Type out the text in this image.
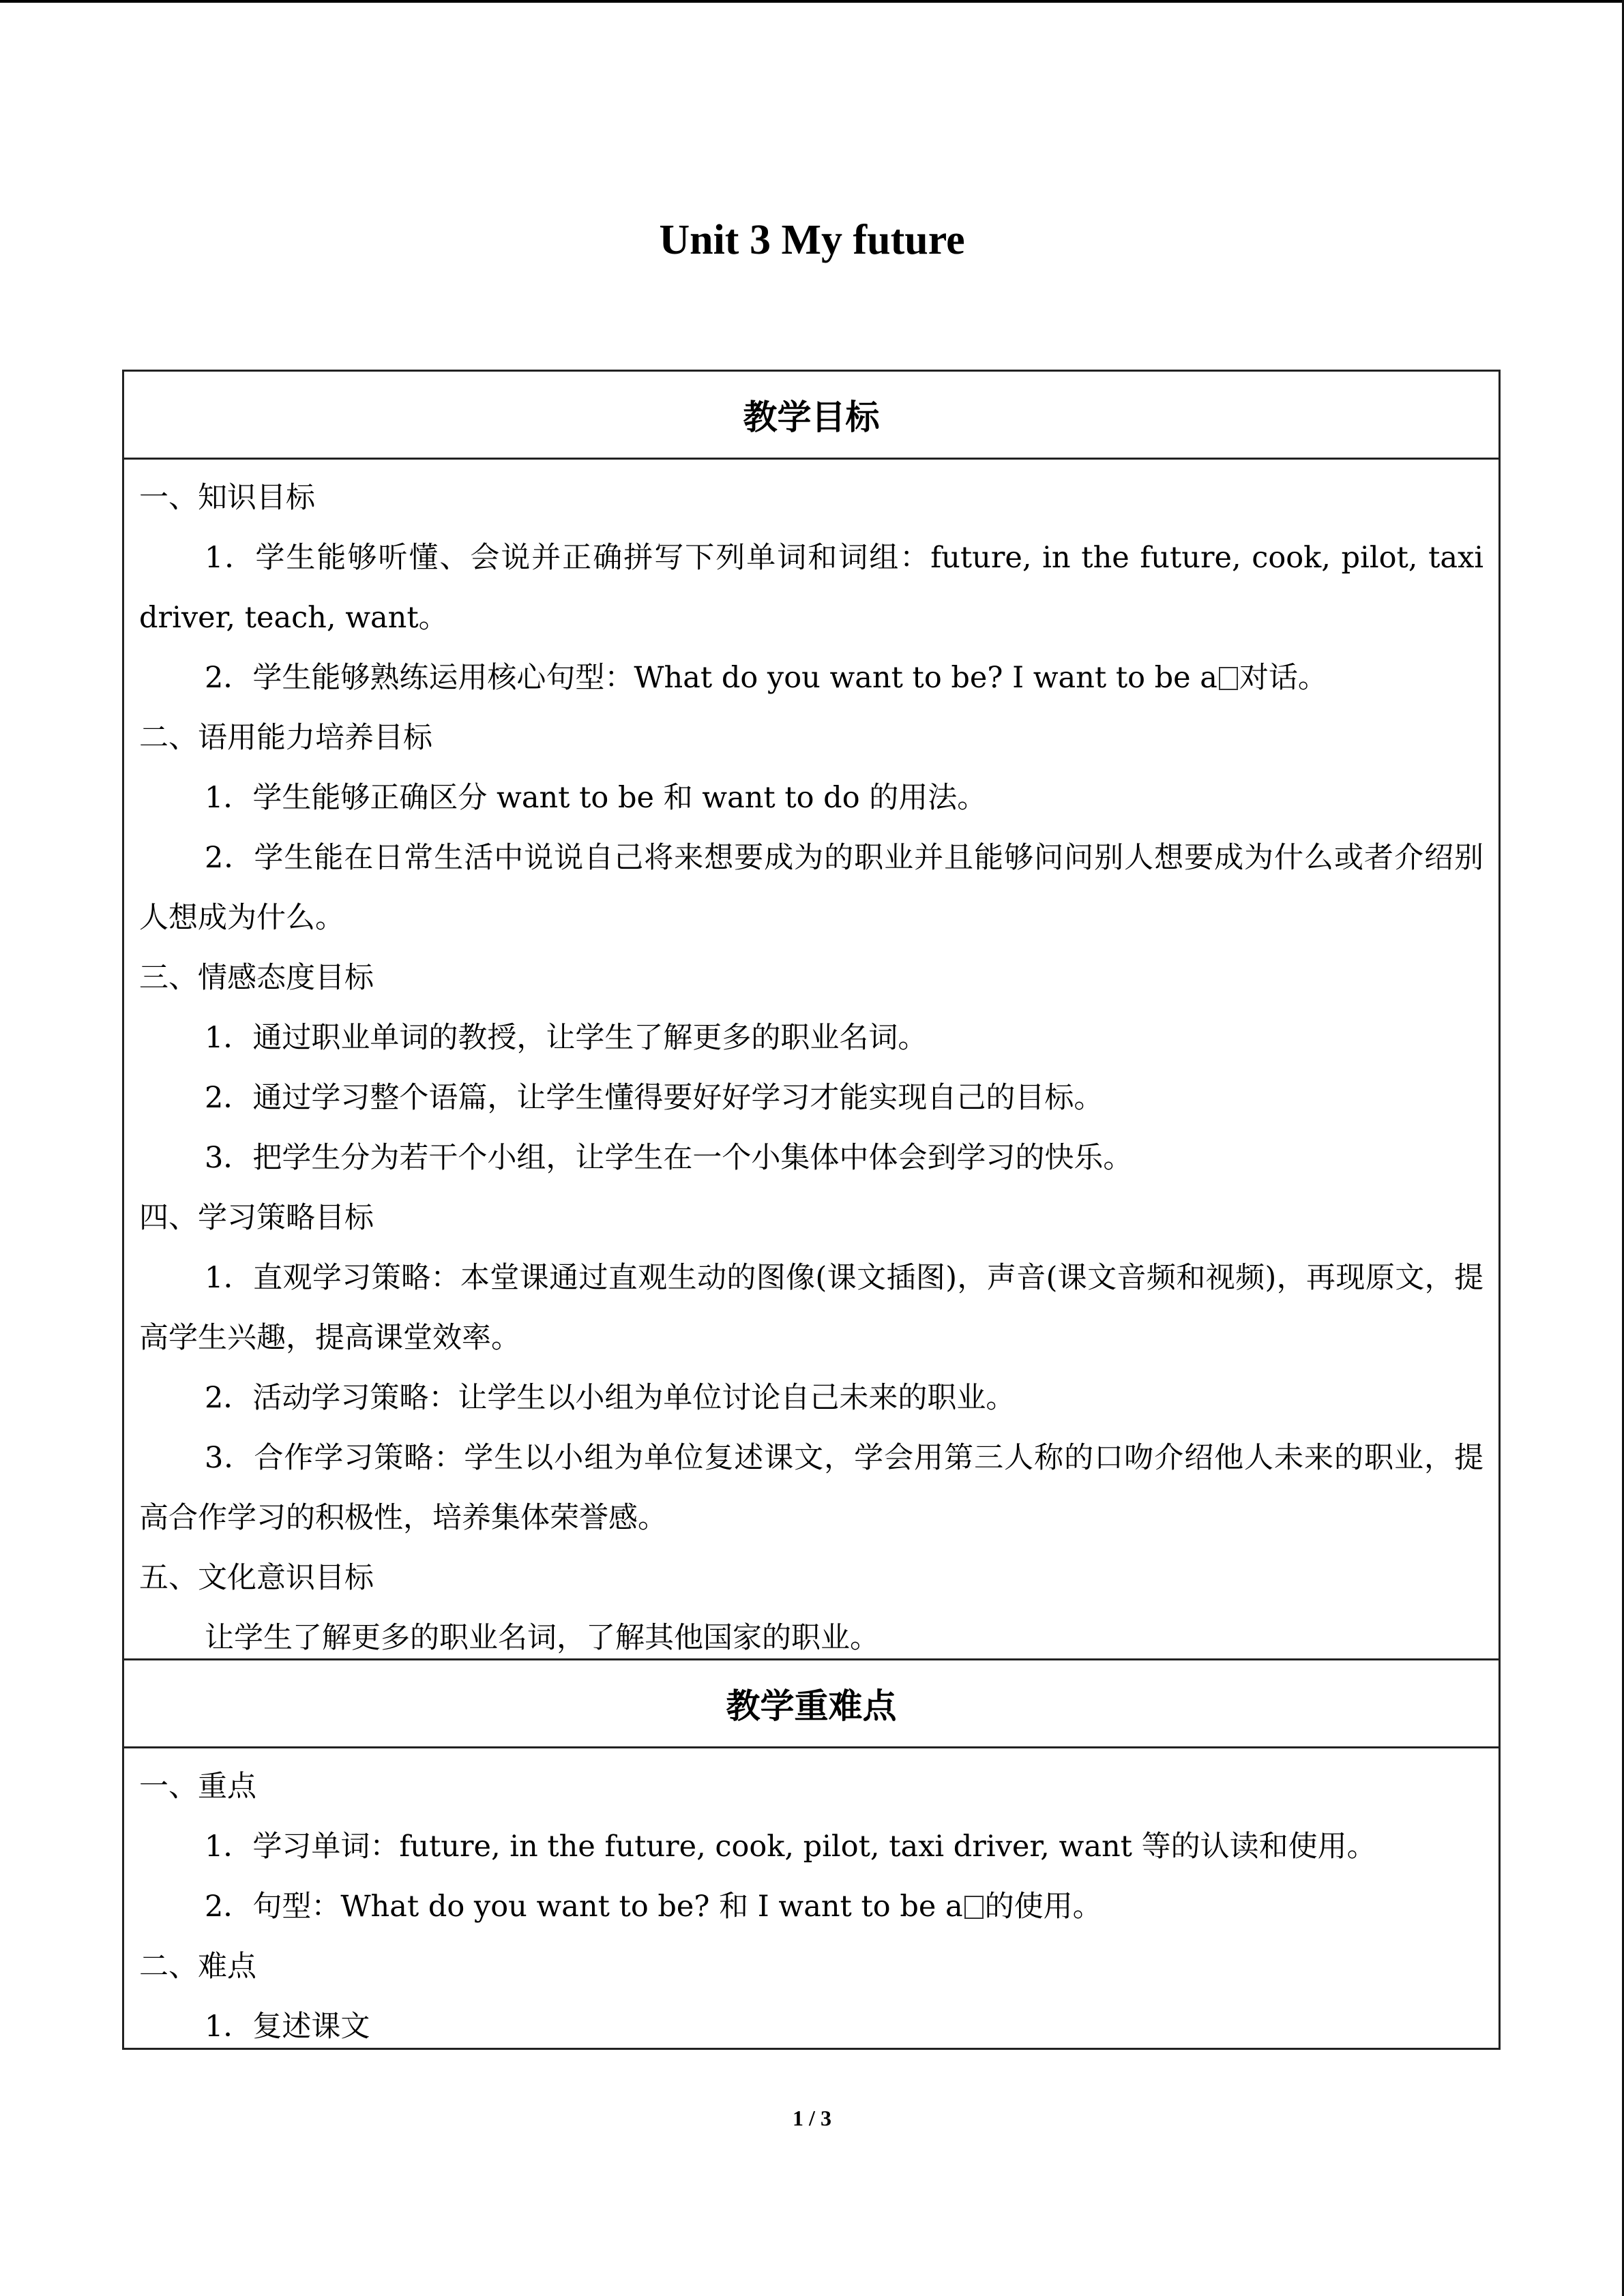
Unit 3 My future
教学目标

一、知识目标

1．学生能够听懂、会说并正确拼写下列单词和词组：future, in the future, cook, pilot, taxi driver, teach, want。

2．学生能够熟练运用核心句型：What do you want to be? I want to be a 对话。

二、语用能力培养目标

1．学生能够正确区分 want to be 和 want to do 的用法。

2．学生能在日常生活中说说自己将来想要成为的职业并且能够问问别人想要成为什么或者介绍别人想成为什么。

三、情感态度目标

1．通过职业单词的教授，让学生了解更多的职业名词。

2．通过学习整个语篇，让学生懂得要好好学习才能实现自己的目标。

3．把学生分为若干个小组，让学生在一个小集体中体会到学习的快乐。

四、学习策略目标

1．直观学习策略：本堂课通过直观生动的图像(课文插图)，声音(课文音频和视频)，再现原文，提高学生兴趣，提高课堂效率。

2．活动学习策略：让学生以小组为单位讨论自己未来的职业。

3．合作学习策略：学生以小组为单位复述课文，学会用第三人称的口吻介绍他人未来的职业，提高合作学习的积极性，培养集体荣誉感。

五、文化意识目标

让学生了解更多的职业名词，了解其他国家的职业。

教学重难点

一、重点

1．学习单词：future, in the future, cook, pilot, taxi driver, want 等的认读和使用。

2．句型：What do you want to be? 和 I want to be a 的使用。

二、难点

1．复述课文

1 / 3
